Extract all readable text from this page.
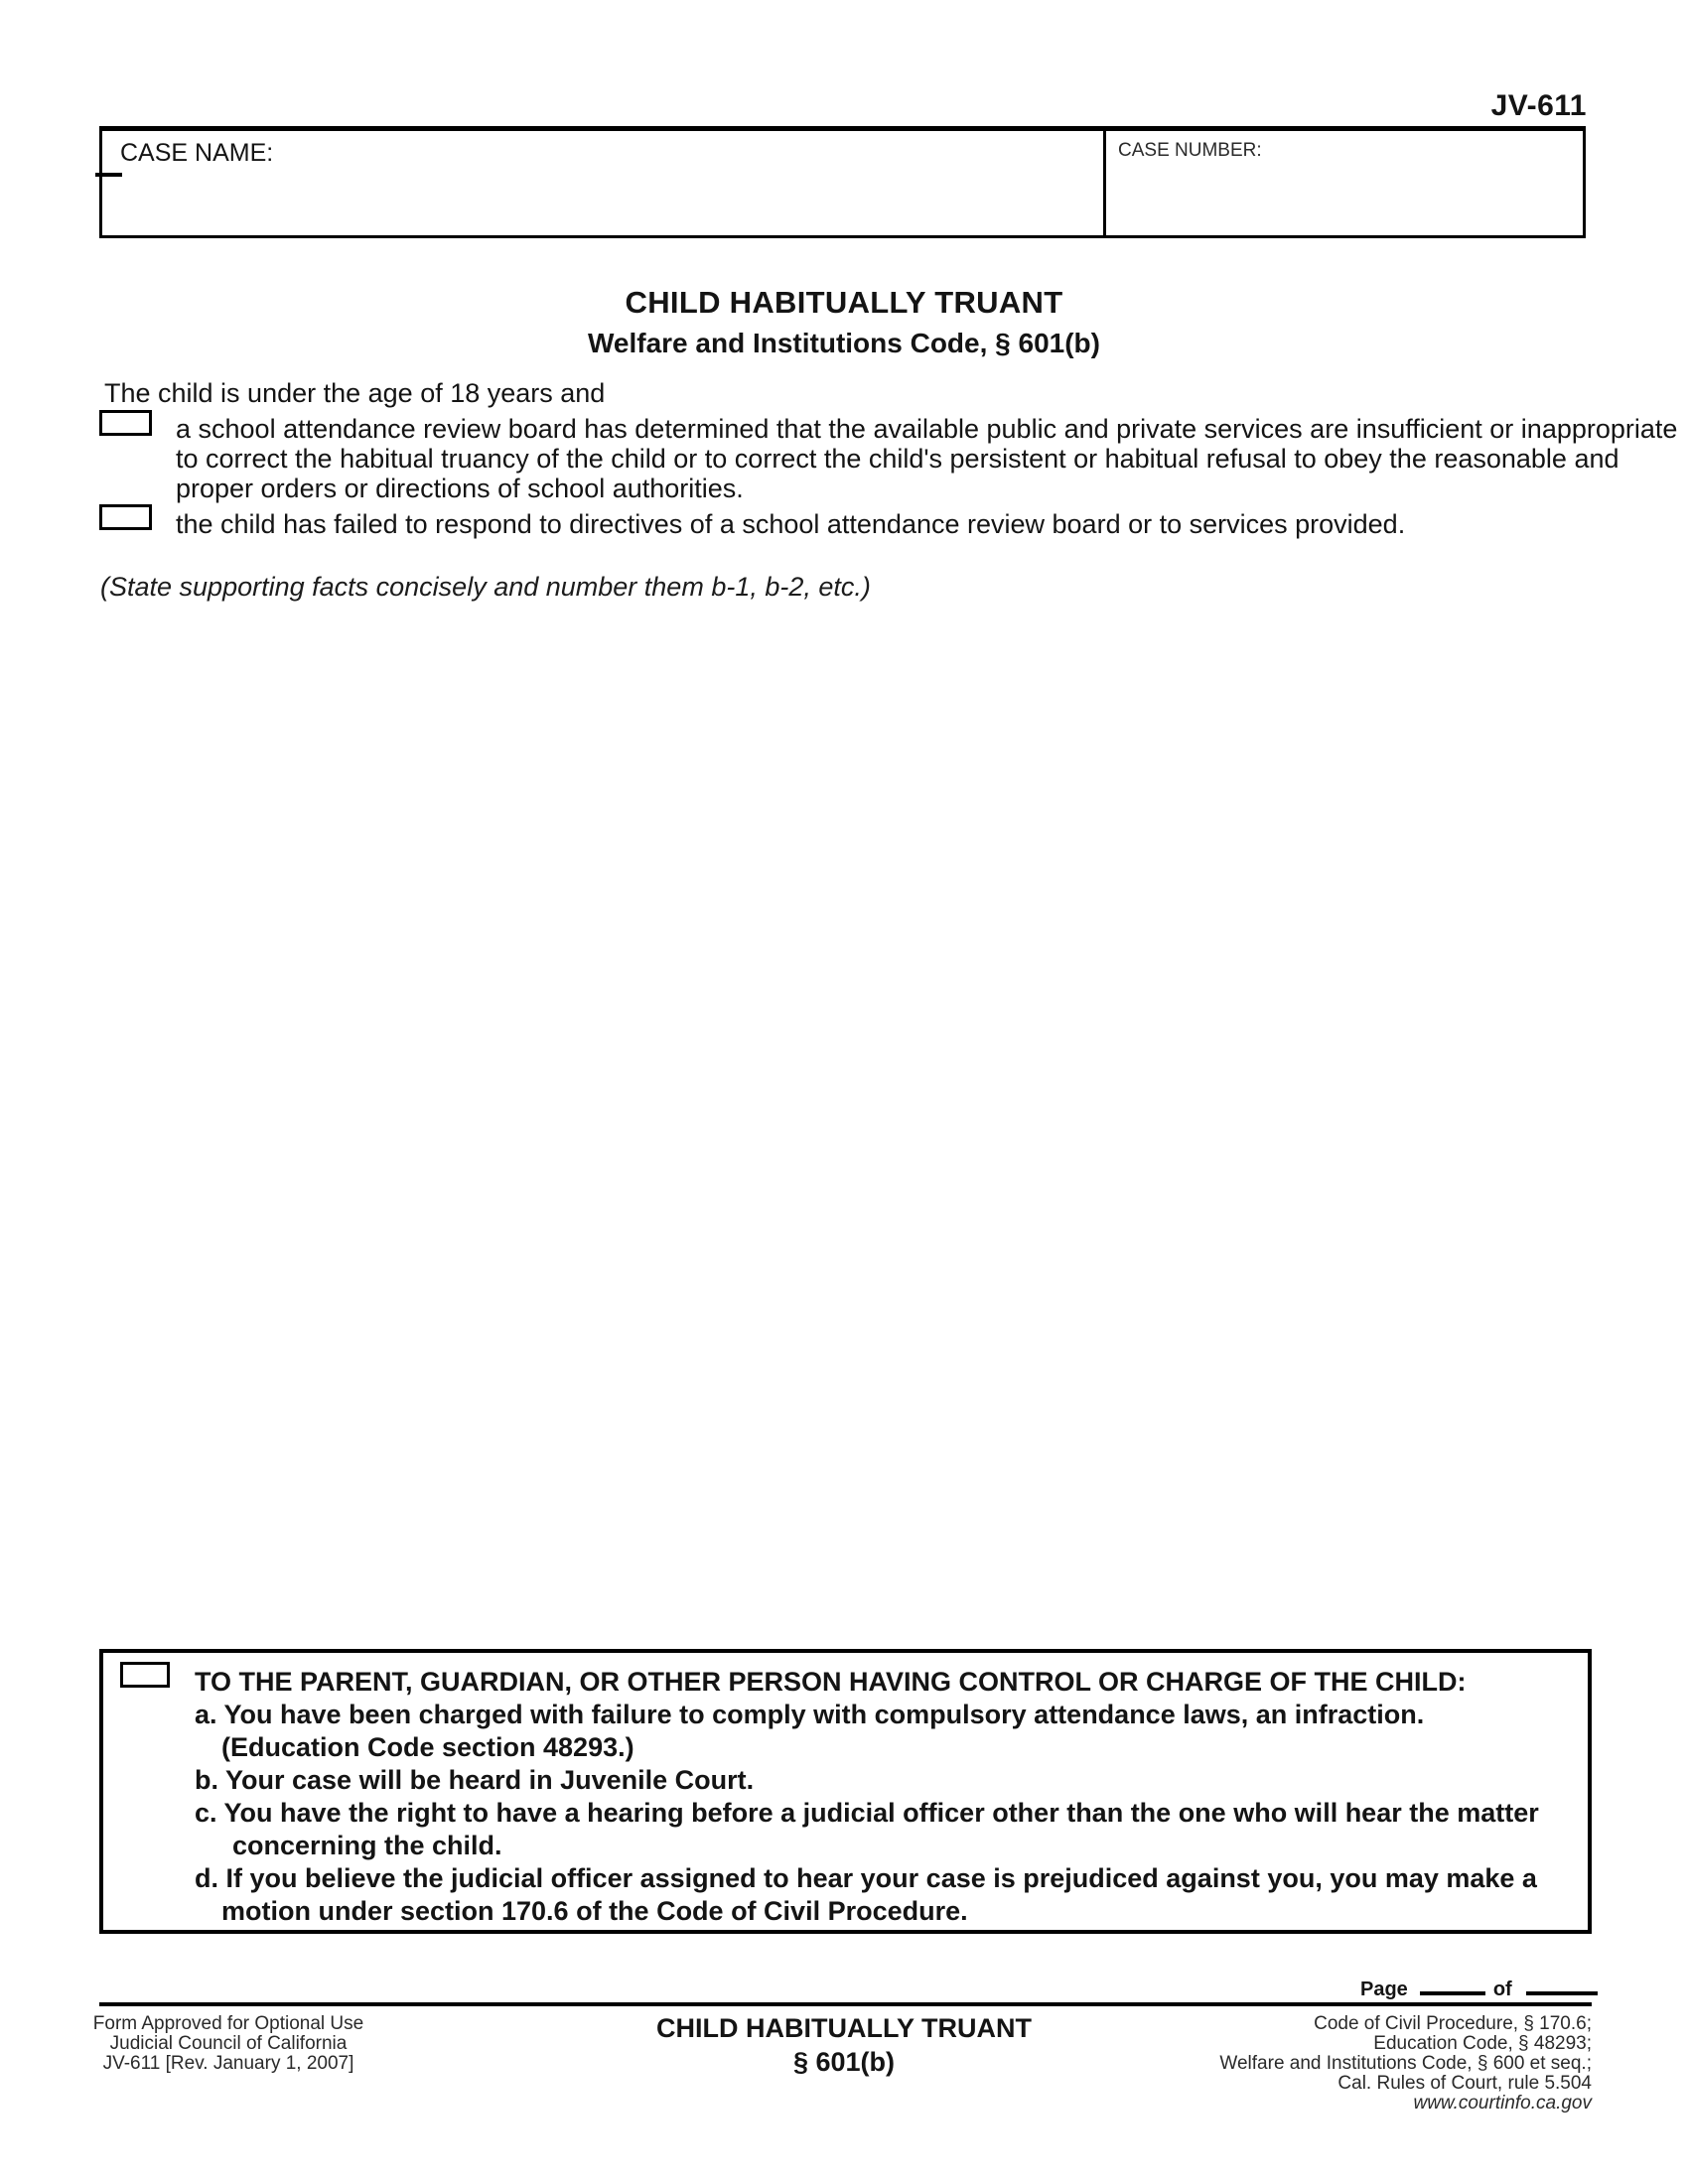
JV-611
CASE NAME:	CASE NUMBER:
CHILD HABITUALLY TRUANT
Welfare and Institutions Code, § 601(b)
The child is under the age of 18 years and
a school attendance review board has determined that the available public and private services are insufficient or inappropriate
to correct the habitual truancy of the child or to correct the child's persistent or habitual refusal to obey the reasonable and
proper orders or directions of school authorities.
the child has failed to respond to directives of a school attendance review board or to services provided.
(State supporting facts concisely and number them b-1, b-2, etc.)
TO THE PARENT, GUARDIAN, OR OTHER PERSON HAVING CONTROL OR CHARGE OF THE CHILD:
a. You have been charged with failure to comply with compulsory attendance laws, an infraction.
(Education Code section 48293.)
b. Your case will be heard in Juvenile Court.
c. You have the right to have a hearing before a judicial officer other than the one who will hear the matter
concerning the child.
d. If you believe the judicial officer assigned to hear your case is prejudiced against you, you may make a
motion under section 170.6 of the Code of Civil Procedure.
Page	of
Form Approved for Optional Use
Judicial Council of California
JV-611 [Rev. January 1, 2007]
CHILD HABITUALLY TRUANT
§ 601(b)
Code of Civil Procedure, § 170.6;
Education Code, § 48293;
Welfare and Institutions Code, § 600 et seq.;
Cal. Rules of Court, rule 5.504
www.courtinfo.ca.gov
